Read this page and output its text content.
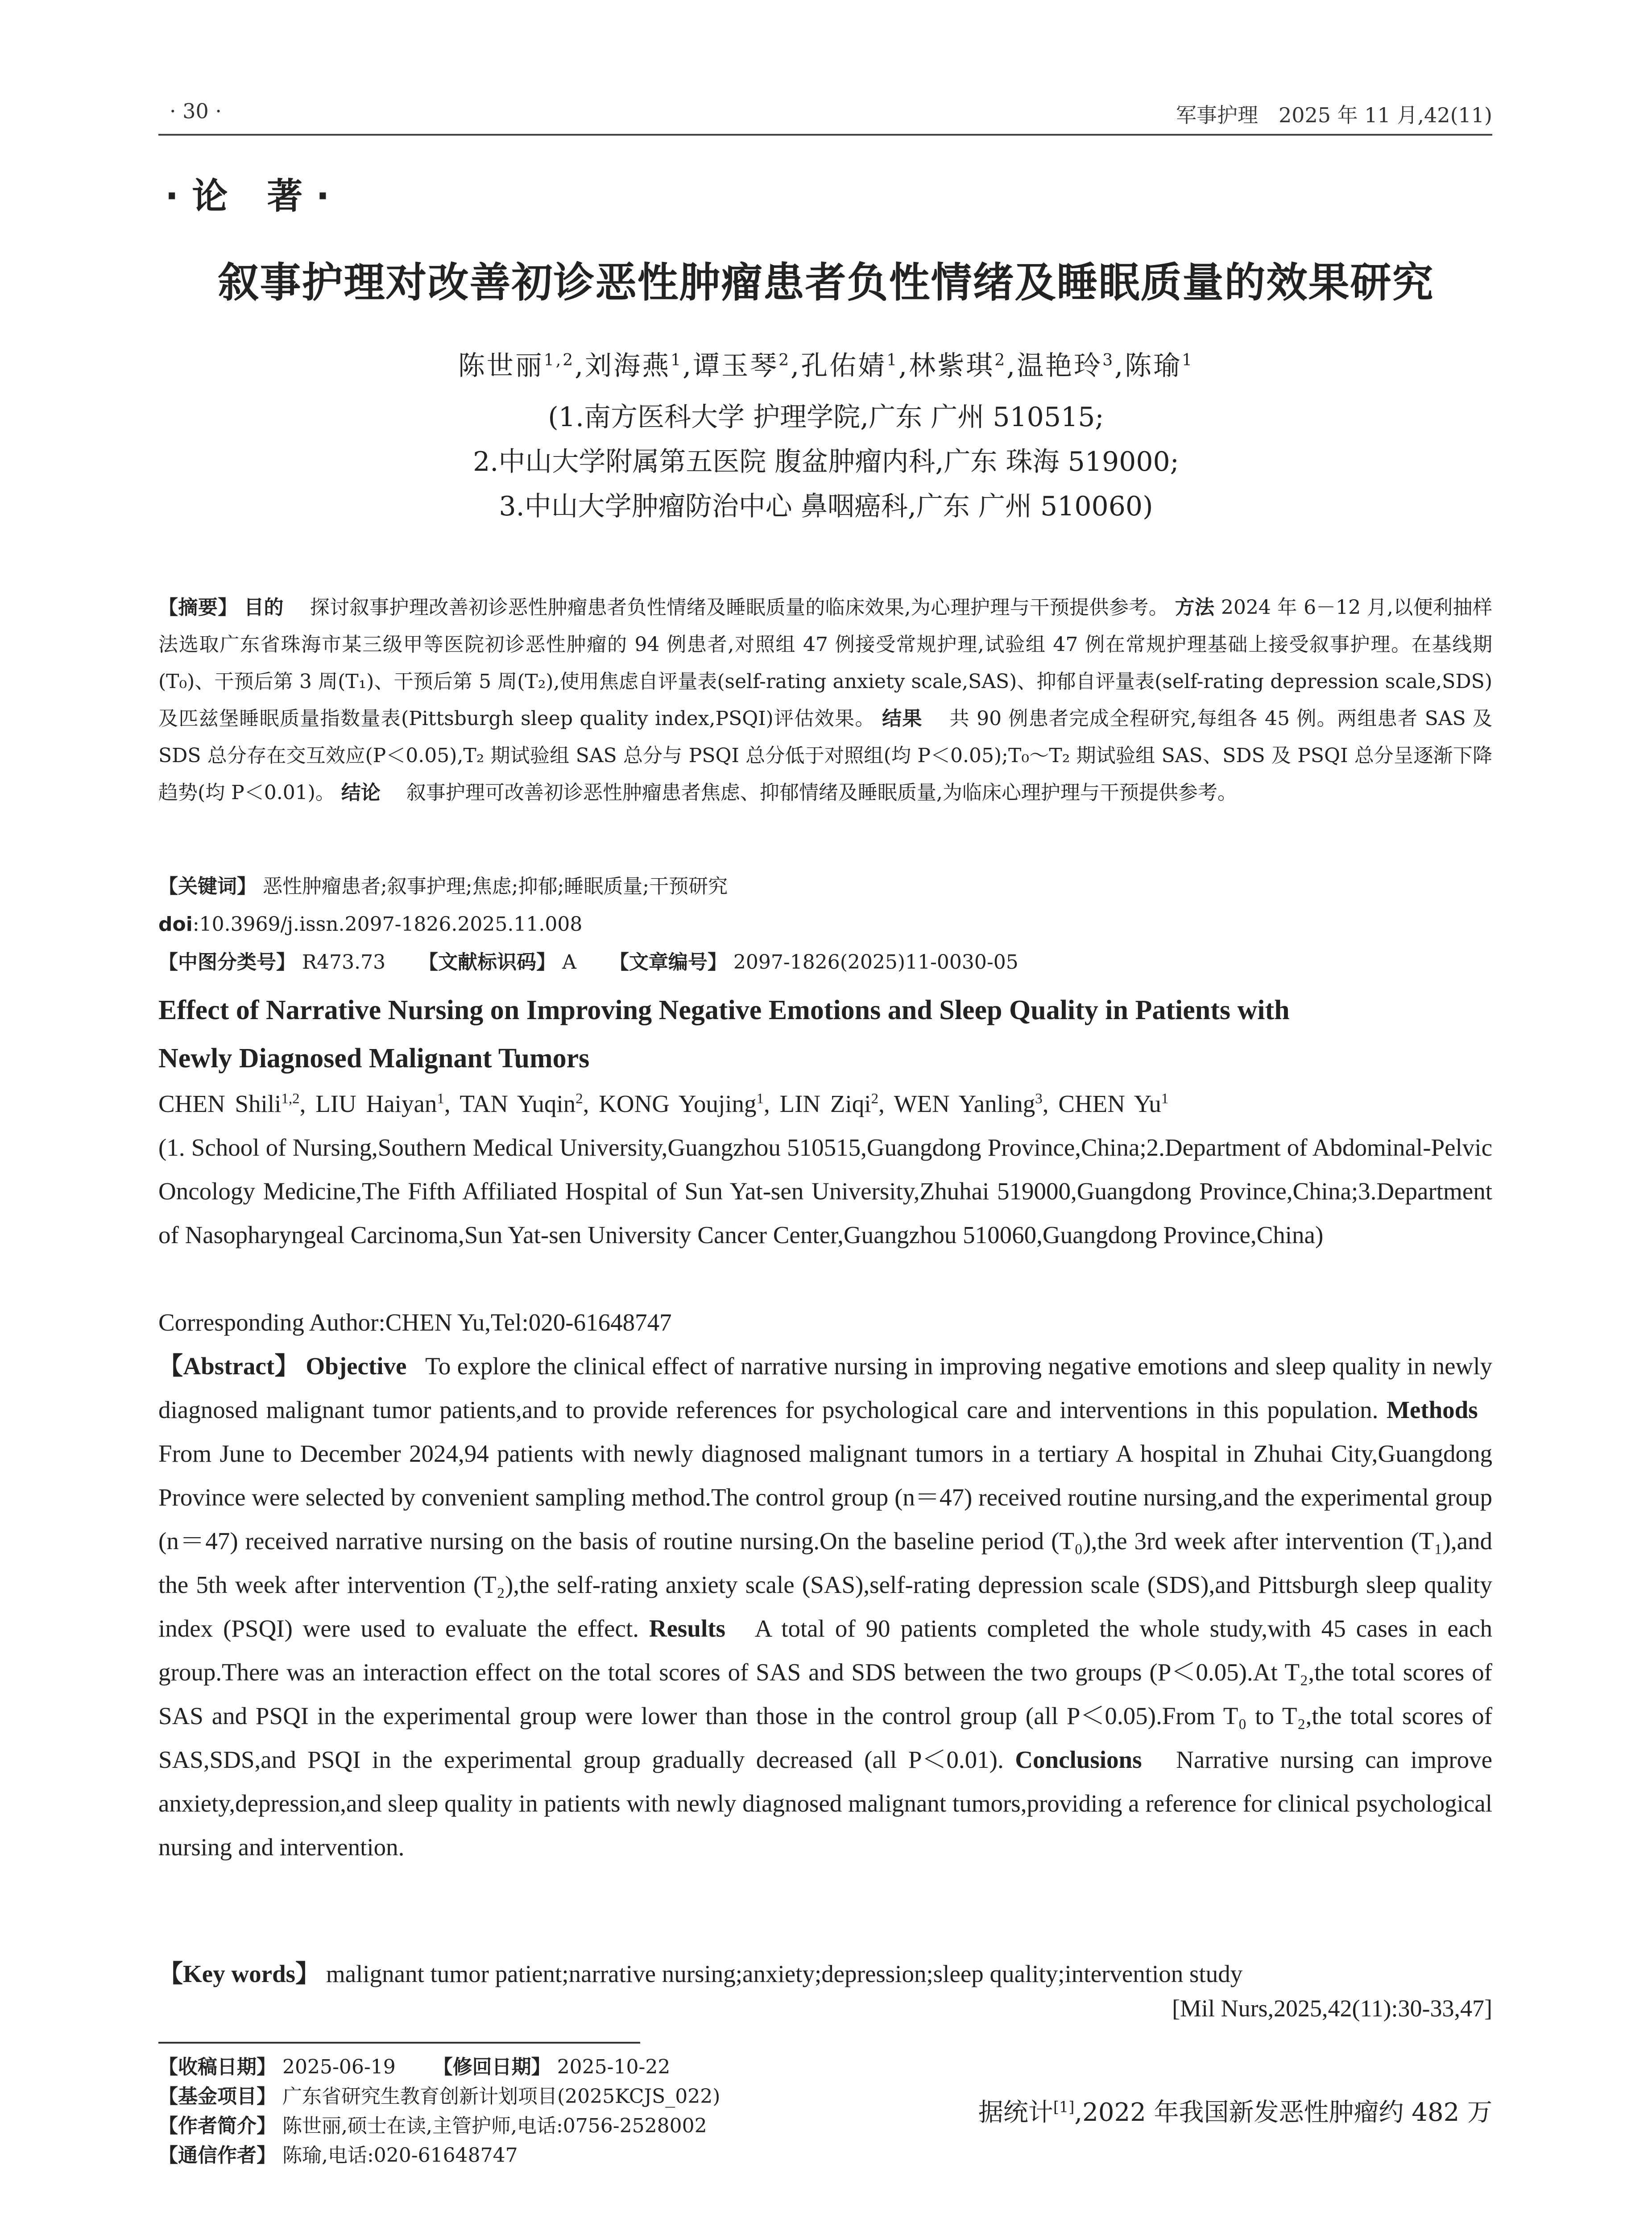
· 30 ·	军事护理　2025 年 11 月,42(11)
·论 著·
叙事护理对改善初诊恶性肿瘤患者负性情绪及睡眠质量的效果研究
陈世丽$^{1,2}$,刘海燕$^1$,谭玉琴$^2$,孔佑婧$^1$,林紫琪$^2$,温艳玲$^3$,陈瑜$^1$
(1.南方医科大学 护理学院,广东 广州 510515;
2.中山大学附属第五医院 腹盆肿瘤内科,广东 珠海 519000;
3.中山大学肿瘤防治中心 鼻咽癌科,广东 广州 510060)
【摘要】 目的　 探讨叙事护理改善初诊恶性肿瘤患者负性情绪及睡眠质量的临床效果,为心理护理与干预提供参考。 方法 2024 年 6－12 月,以便利抽样法选取广东省珠海市某三级甲等医院初诊恶性肿瘤的 94 例患者,对照组 47 例接受常规护理,试验组 47 例在常规护理基础上接受叙事护理。在基线期(T₀)、干预后第 3 周(T₁)、干预后第 5 周(T₂),使用焦虑自评量表(self-rating anxiety scale,SAS)、抑郁自评量表(self-rating depression scale,SDS)及匹兹堡睡眠质量指数量表(Pittsburgh sleep quality index,PSQI)评估效果。 结果　 共 90 例患者完成全程研究,每组各 45 例。两组患者 SAS 及 SDS 总分存在交互效应(P＜0.05),T₂ 期试验组 SAS 总分与 PSQI 总分低于对照组(均 P＜0.05);T₀～T₂ 期试验组 SAS、SDS 及 PSQI 总分呈逐渐下降趋势(均 P＜0.01)。 结论　 叙事护理可改善初诊恶性肿瘤患者焦虑、抑郁情绪及睡眠质量,为临床心理护理与干预提供参考。
【关键词】 恶性肿瘤患者;叙事护理;焦虑;抑郁;睡眠质量;干预研究
doi:10.3969/j.issn.2097-1826.2025.11.008
【中图分类号】 R473.73 【文献标识码】 A 【文章编号】 2097-1826(2025)11-0030-05
Effect of Narrative Nursing on Improving Negative Emotions and Sleep Quality in Patients with
Newly Diagnosed Malignant Tumors
CHEN Shili$^{1,2}$, LIU Haiyan$^1$, TAN Yuqin$^2$, KONG Youjing$^1$, LIN Ziqi$^2$, WEN Yanling$^3$, CHEN Yu$^1$
(1. School of Nursing,Southern Medical University,Guangzhou 510515,Guangdong Province,China;2.Department of Abdominal-Pelvic Oncology Medicine,The Fifth Affiliated Hospital of Sun Yat-sen University,Zhuhai 519000,Guangdong Province,China;3.Department of Nasopharyngeal Carcinoma,Sun Yat-sen University Cancer Center,Guangzhou 510060,Guangdong Province,China)
Corresponding Author:CHEN Yu,Tel:020-61648747
【Abstract】 Objective To explore the clinical effect of narrative nursing in improving negative emotions and sleep quality in newly diagnosed malignant tumor patients,and to provide references for psychological care and interventions in this population. Methods   From June to December 2024,94 patients with newly diagnosed malignant tumors in a tertiary A hospital in Zhuhai City,Guangdong Province were selected by convenient sampling method.The control group (n＝47) received routine nursing,and the experimental group (n＝47) received narrative nursing on the basis of routine nursing.On the baseline period (T₀),the 3rd week after intervention (T₁),and the 5th week after intervention (T₂),the self-rating anxiety scale (SAS),self-rating depression scale (SDS),and Pittsburgh sleep quality index (PSQI) were used to evaluate the effect. Results A total of 90 patients completed the whole study,with 45 cases in each group.There was an interaction effect on the total scores of SAS and SDS between the two groups (P＜0.05).At T₂,the total scores of SAS and PSQI in the experimental group were lower than those in the control group (all P＜0.05).From T₀ to T₂,the total scores of SAS,SDS,and PSQI in the experimental group gradually decreased (all P＜0.01). Conclusions Narrative nursing can improve anxiety,depression,and sleep quality in patients with newly diagnosed malignant tumors,providing a reference for clinical psychological nursing and intervention.
【Key words】 malignant tumor patient;narrative nursing;anxiety;depression;sleep quality;intervention study
[Mil Nurs,2025,42(11):30-33,47]
【收稿日期】 2025-06-19 【修回日期】 2025-10-22
【基金项目】 广东省研究生教育创新计划项目(2025KCJS_022)
【作者简介】 陈世丽,硕士在读,主管护师,电话:0756-2528002
【通信作者】 陈瑜,电话:020-61648747
据统计[1],2022 年我国新发恶性肿瘤约 482 万
